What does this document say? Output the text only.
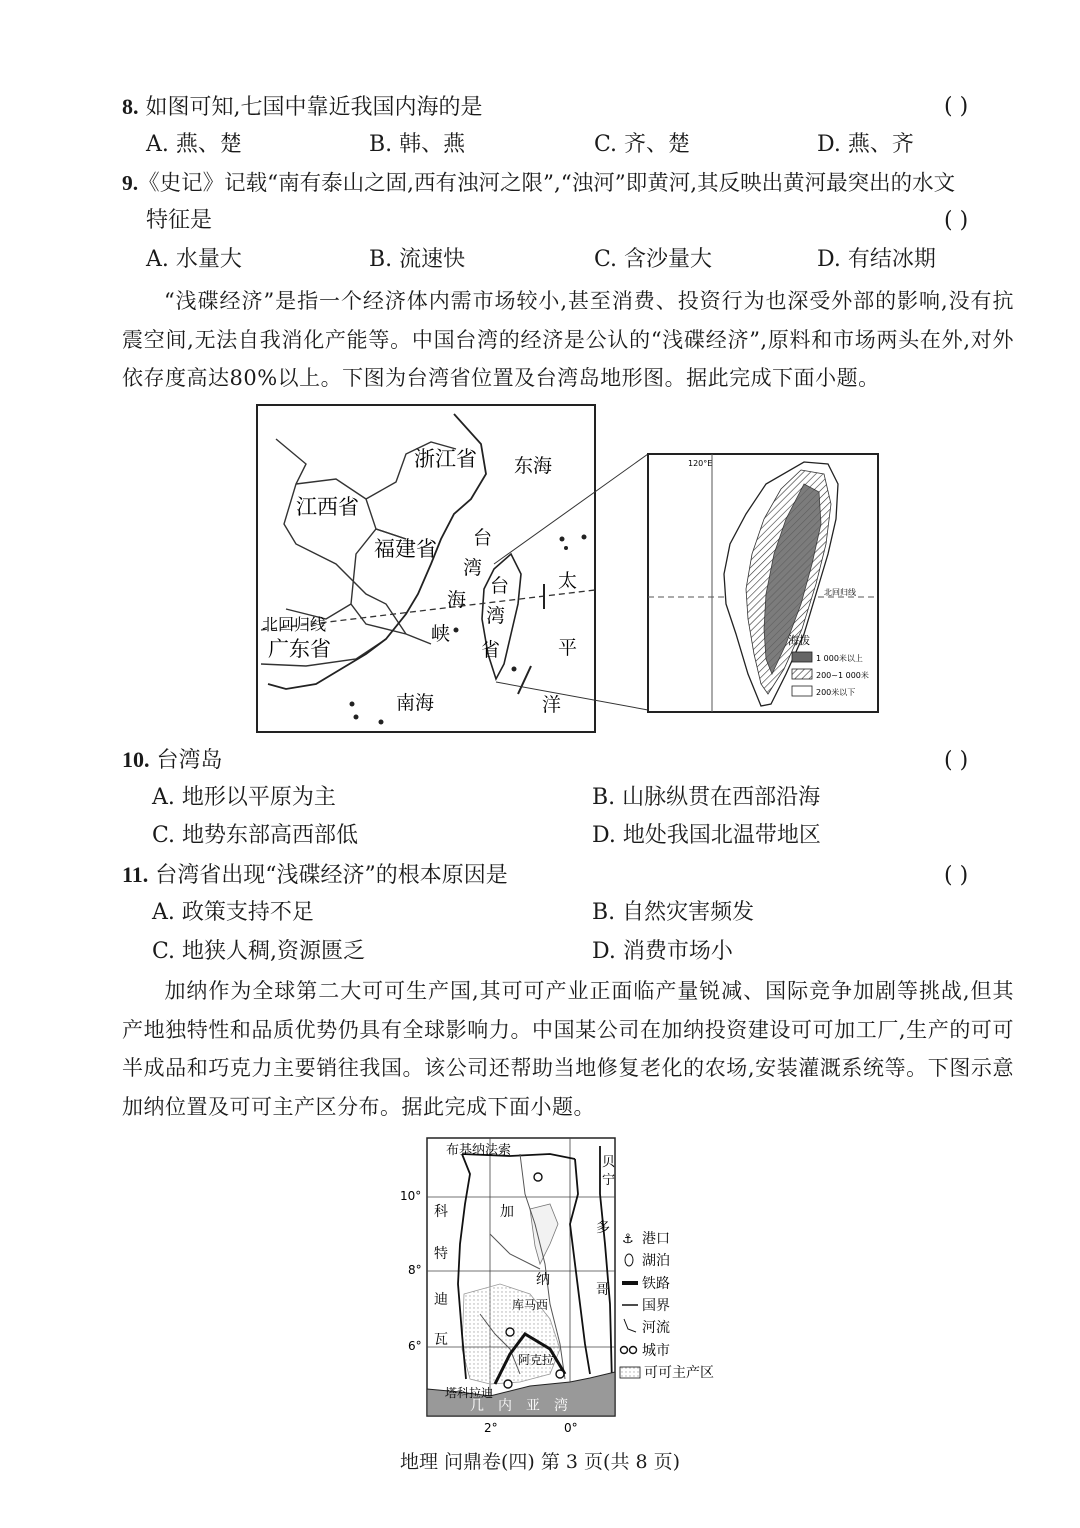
8. 如图可知,七国中靠近我国内海的是	( )
A. 燕、楚	B. 韩、燕	C. 齐、楚	D. 燕、齐
9.《史记》记载“南有泰山之固,西有浊河之限”,“浊河”即黄河,其反映出黄河最突出的水文
特征是	( )
A. 水量大	B. 流速快	C. 含沙量大	D. 有结冰期
“浅碟经济”是指一个经济体内需市场较小,甚至消费、投资行为也深受外部的影响,没有抗震空间,无法自我消化产能等。中国台湾的经济是公认的“浅碟经济”,原料和市场两头在外,对外依存度高达80%以上。下图为台湾省位置及台湾岛地形图。据此完成下面小题。
浙江省 东海
江西省
福建省
广东省
北回归线
南海
台
湾
海
峡
台
湾
省
太
平
洋
120°E
北回归线
海拔
1 000米以上
200~1 000米
200米以下
10. 台湾岛	( )
A. 地形以平原为主	B. 山脉纵贯在西部沿海
C. 地势东部高西部低	D. 地处我国北温带地区
11. 台湾省出现“浅碟经济”的根本原因是	( )
A. 政策支持不足	B. 自然灾害频发
C. 地狭人稠,资源匮乏	D. 消费市场小
加纳作为全球第二大可可生产国,其可可产业正面临产量锐减、国际竞争加剧等挑战,但其产地独特性和品质优势仍具有全球影响力。中国某公司在加纳投资建设可可加工厂,生产的可可半成品和巧克力主要销往我国。该公司还帮助当地修复老化的农场,安装灌溉系统等。下图示意加纳位置及可可主产区分布。据此完成下面小题。
布基纳法索
贝
宁
科
特
迪
瓦
加
纳
多
哥
库马西
阿克拉
塔科拉迪
几内亚湾
10°
8°
6°
2°	0°
⚓ 港口
湖泊
铁路
国界
河流
城市
可可主产区
地理 问鼎卷(四) 第 3 页(共 8 页)
